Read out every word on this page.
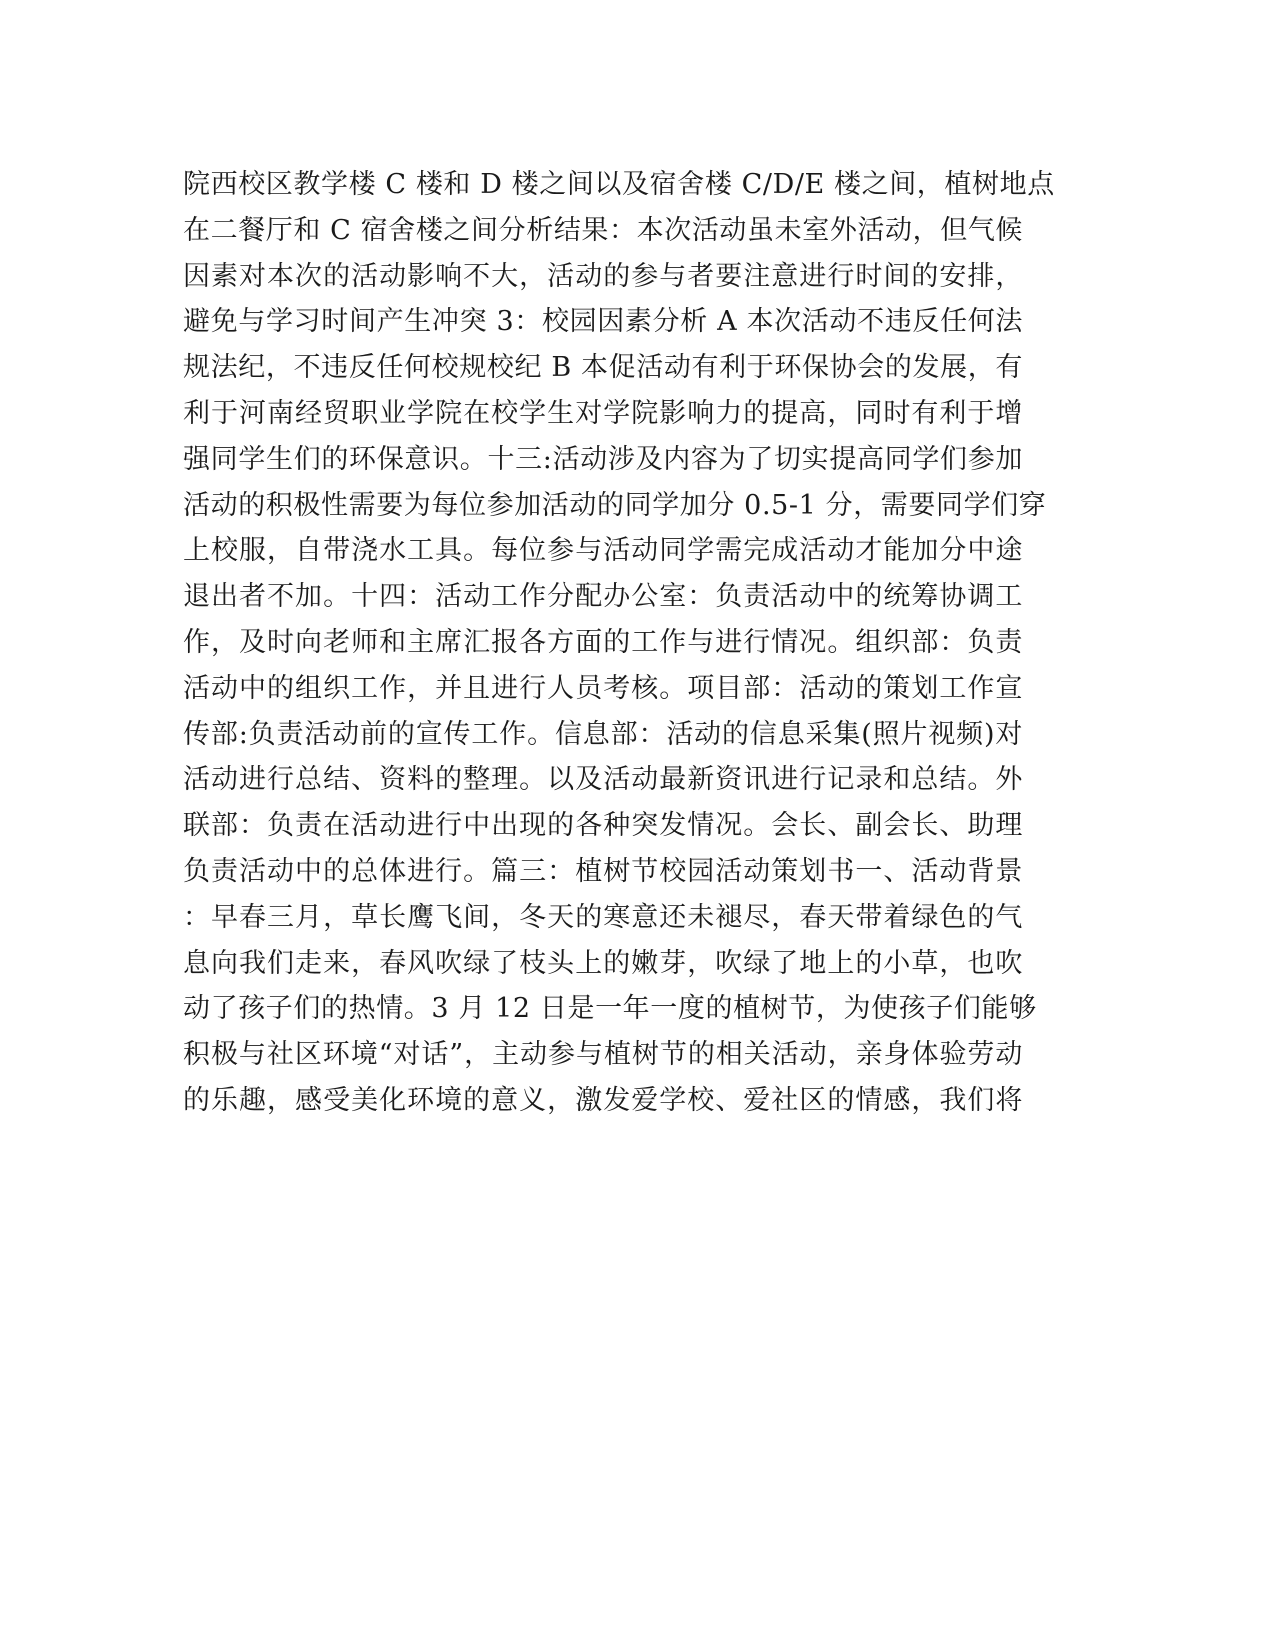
院西校区教学楼 C 楼和 D 楼之间以及宿舍楼 C/D/E 楼之间，植树地点
在二餐厅和 C 宿舍楼之间分析结果：本次活动虽未室外活动，但气候
因素对本次的活动影响不大，活动的参与者要注意进行时间的安排，
避免与学习时间产生冲突 3：校园因素分析 A 本次活动不违反任何法
规法纪，不违反任何校规校纪 B 本促活动有利于环保协会的发展，有
利于河南经贸职业学院在校学生对学院影响力的提高，同时有利于增
强同学生们的环保意识。十三:活动涉及内容为了切实提高同学们参加
活动的积极性需要为每位参加活动的同学加分 0.5-1 分，需要同学们穿
上校服，自带浇水工具。每位参与活动同学需完成活动才能加分中途
退出者不加。十四：活动工作分配办公室：负责活动中的统筹协调工
作，及时向老师和主席汇报各方面的工作与进行情况。组织部：负责
活动中的组织工作，并且进行人员考核。项目部：活动的策划工作宣
传部:负责活动前的宣传工作。信息部：活动的信息采集(照片视频)对
活动进行总结、资料的整理。以及活动最新资讯进行记录和总结。外
联部：负责在活动进行中出现的各种突发情况。会长、副会长、助理
负责活动中的总体进行。篇三：植树节校园活动策划书一、活动背景
：早春三月，草长鹰飞间，冬天的寒意还未褪尽，春天带着绿色的气
息向我们走来，春风吹绿了枝头上的嫩芽，吹绿了地上的小草，也吹
动了孩子们的热情。3 月 12 日是一年一度的植树节，为使孩子们能够
积极与社区环境“对话”，主动参与植树节的相关活动，亲身体验劳动
的乐趣，感受美化环境的意义，激发爱学校、爱社区的情感，我们将
